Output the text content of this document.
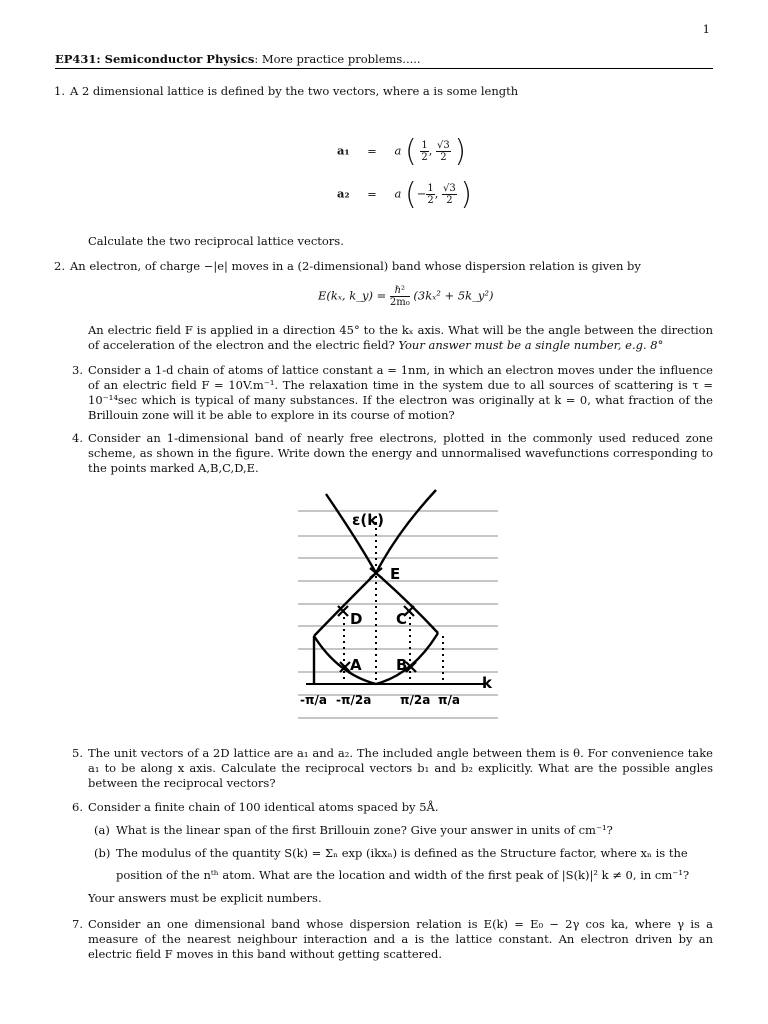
1
EP431: Semiconductor Physics: More practice problems.....
1. A 2 dimensional lattice is defined by the two vectors, where a is some length
a₁ = a ( $\frac{1}{2}$ , $\frac{√3}{2}$ )
a₂ = a (− $\frac{1}{2}$ , $\frac{√3}{2}$ )
Calculate the two reciprocal lattice vectors.
2. An electron, of charge −|e| moves in a (2-dimensional) band whose dispersion relation is given by
E(kₓ, k_y) = $\frac{\text{ℏ²}}{\text{2m₀}} (3k_x^2$ + 5k_y²)
An electric field F is applied in a direction 45° to the kₓ axis. What will be the angle between the direction of acceleration of the electron and the electric field? Your answer must be a single number, e.g. 8°
3. Consider a 1-d chain of atoms of lattice constant a = 1nm, in which an electron moves under the influence of an electric field F = 10V.m⁻¹. The relaxation time in the system due to all sources of scattering is τ = 10⁻¹⁴sec which is typical of many substances. If the electron was originally at k = 0, what fraction of the Brillouin zone will it be able to explore in its course of motion?
4. Consider an 1-dimensional band of nearly free electrons, plotted in the commonly used reduced zone scheme, as shown in the figure. Write down the energy and unnormalised wavefunctions corresponding to the points marked A,B,C,D,E.
ε(k)
E
D C
A B
k
-π/a -π/2a π/2a π/a
5. The unit vectors of a 2D lattice are a₁ and a₂. The included angle between them is θ. For convenience take a₁ to be along x axis. Calculate the reciprocal vectors b₁ and b₂ explicitly. What are the possible angles between the reciprocal vectors?
6. Consider a finite chain of 100 identical atoms spaced by 5Å.
(a) What is the linear span of the first Brillouin zone? Give your answer in units of cm⁻¹?
(b) The modulus of the quantity S(k) = Σₙ exp (ikxₙ) is defined as the Structure factor, where xₙ is the
position of the nᵗʰ atom. What are the location and width of the first peak of |S(k)|² k ≠ 0, in cm⁻¹?
Your answers must be explicit numbers.
7. Consider an one dimensional band whose dispersion relation is E(k) = E₀ − 2γ cos ka, where γ is a measure of the nearest neighbour interaction and a is the lattice constant. An electron driven by an electric field F moves in this band without getting scattered.
